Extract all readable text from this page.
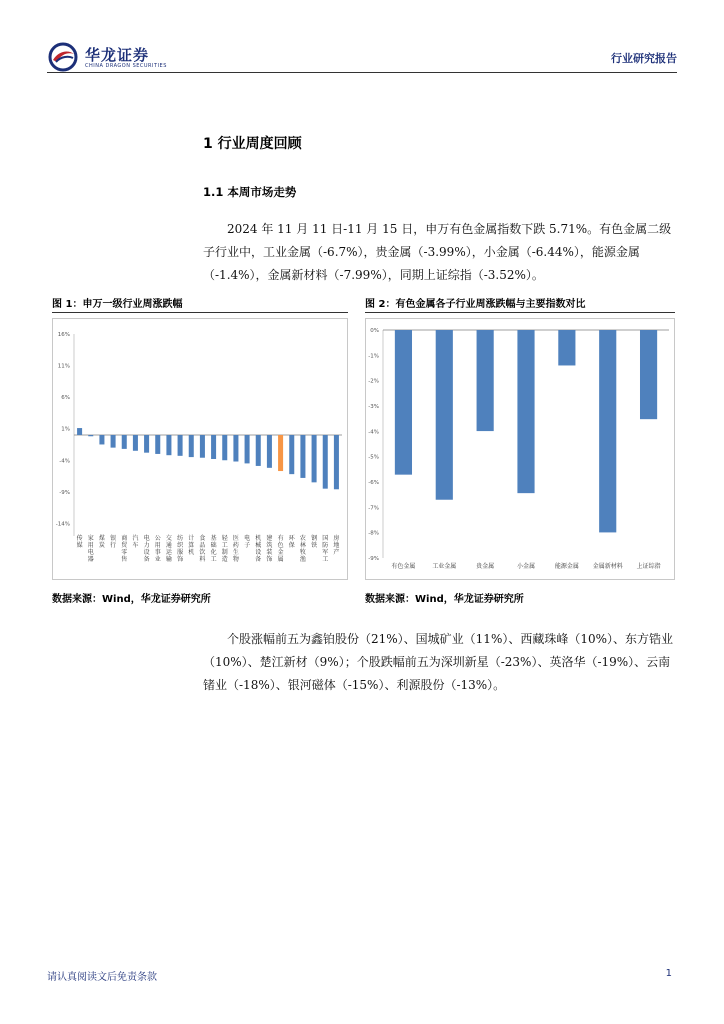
华龙证券
CHINA DRAGON SECURITIES
行业研究报告
1 行业周度回顾
1.1 本周市场走势

　　2024 年 11 月 11 日-11 月 15 日，申万有色金属指数下跌 5.71%。有色金属二级子行业中，工业金属（-6.7%），贵金属（-3.99%），小金属（-6.44%），能源金属（-1.4%），金属新材料（-7.99%），同期上证综指（-3.52%）。

图 1：申万一级行业周涨跌幅
16%
11%
6%
1%
-4%
-9%
-14%
传
媒
家
用
电
器
煤
炭
银
行
商
贸
零
售
汽
车
电
力
设
备
公
用
事
业
交
通
运
输
纺
织
服
饰
计
算
机
食
品
饮
料
基
础
化
工
轻
工
制
造
医
药
生
物
电
子
机
械
设
备
建
筑
装
饰
有
色
金
属
环
保
农
林
牧
渔
钢
铁
国
防
军
工
房
地
产
数据来源：Wind，华龙证券研究所
图 2：有色金属各子行业周涨跌幅与主要指数对比
0%
-1%
-2%
-3%
-4%
-5%
-6%
-7%
-8%
-9%
有色金属	工业金属	贵金属	小金属	能源金属 金属新材料 上证综指
数据来源：Wind，华龙证券研究所

　　个股涨幅前五为鑫铂股份（21%）、国城矿业（11%）、西藏珠峰（10%）、东方锆业（10%）、楚江新材（9%）；个股跌幅前五为深圳新星（-23%）、英洛华（-19%）、云南锗业（-18%）、银河磁体（-15%）、利源股份（-13%）。

请认真阅读文后免责条款	1
